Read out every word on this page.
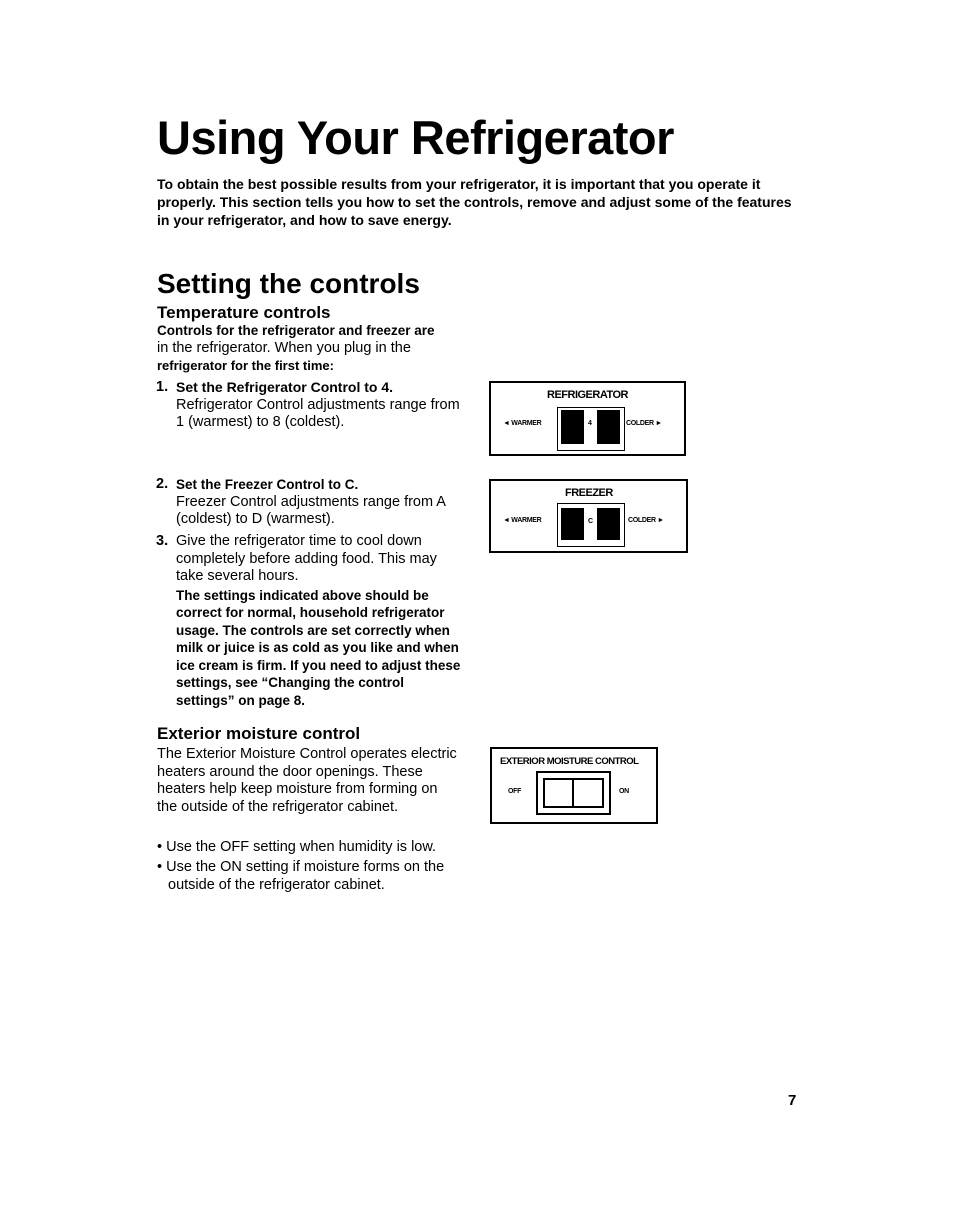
Using Your Refrigerator
To obtain the best possible results from your refrigerator, it is important that you operate it properly. This section tells you how to set the controls, remove and adjust some of the features in your refrigerator, and how to save energy.
Setting the controls
Temperature controls
Controls for the refrigerator and freezer are
in the refrigerator. When you plug in the
refrigerator for the first time:
1. Set the Refrigerator Control to 4.
Refrigerator Control adjustments range from 1 (warmest) to 8 (coldest).
2. Set the Freezer Control to C.
Freezer Control adjustments range from A (coldest) to D (warmest).
3. Give the refrigerator time to cool down completely before adding food. This may take several hours.
The settings indicated above should be correct for normal, household refrigerator usage. The controls are set correctly when milk or juice is as cold as you like and when ice cream is firm. If you need to adjust these settings, see “Changing the control settings” on page 8.
Exterior moisture control
The Exterior Moisture Control operates electric heaters around the door openings. These heaters help keep moisture from forming on the outside of the refrigerator cabinet.
• Use the OFF setting when humidity is low.
• Use the ON setting if moisture forms on the outside of the refrigerator cabinet.
REFRIGERATOR
◄ WARMER	COLDER ►
4
FREEZER
◄ WARMER	COLDER ►
C
EXTERIOR MOISTURE CONTROL
OFF	ON
7
